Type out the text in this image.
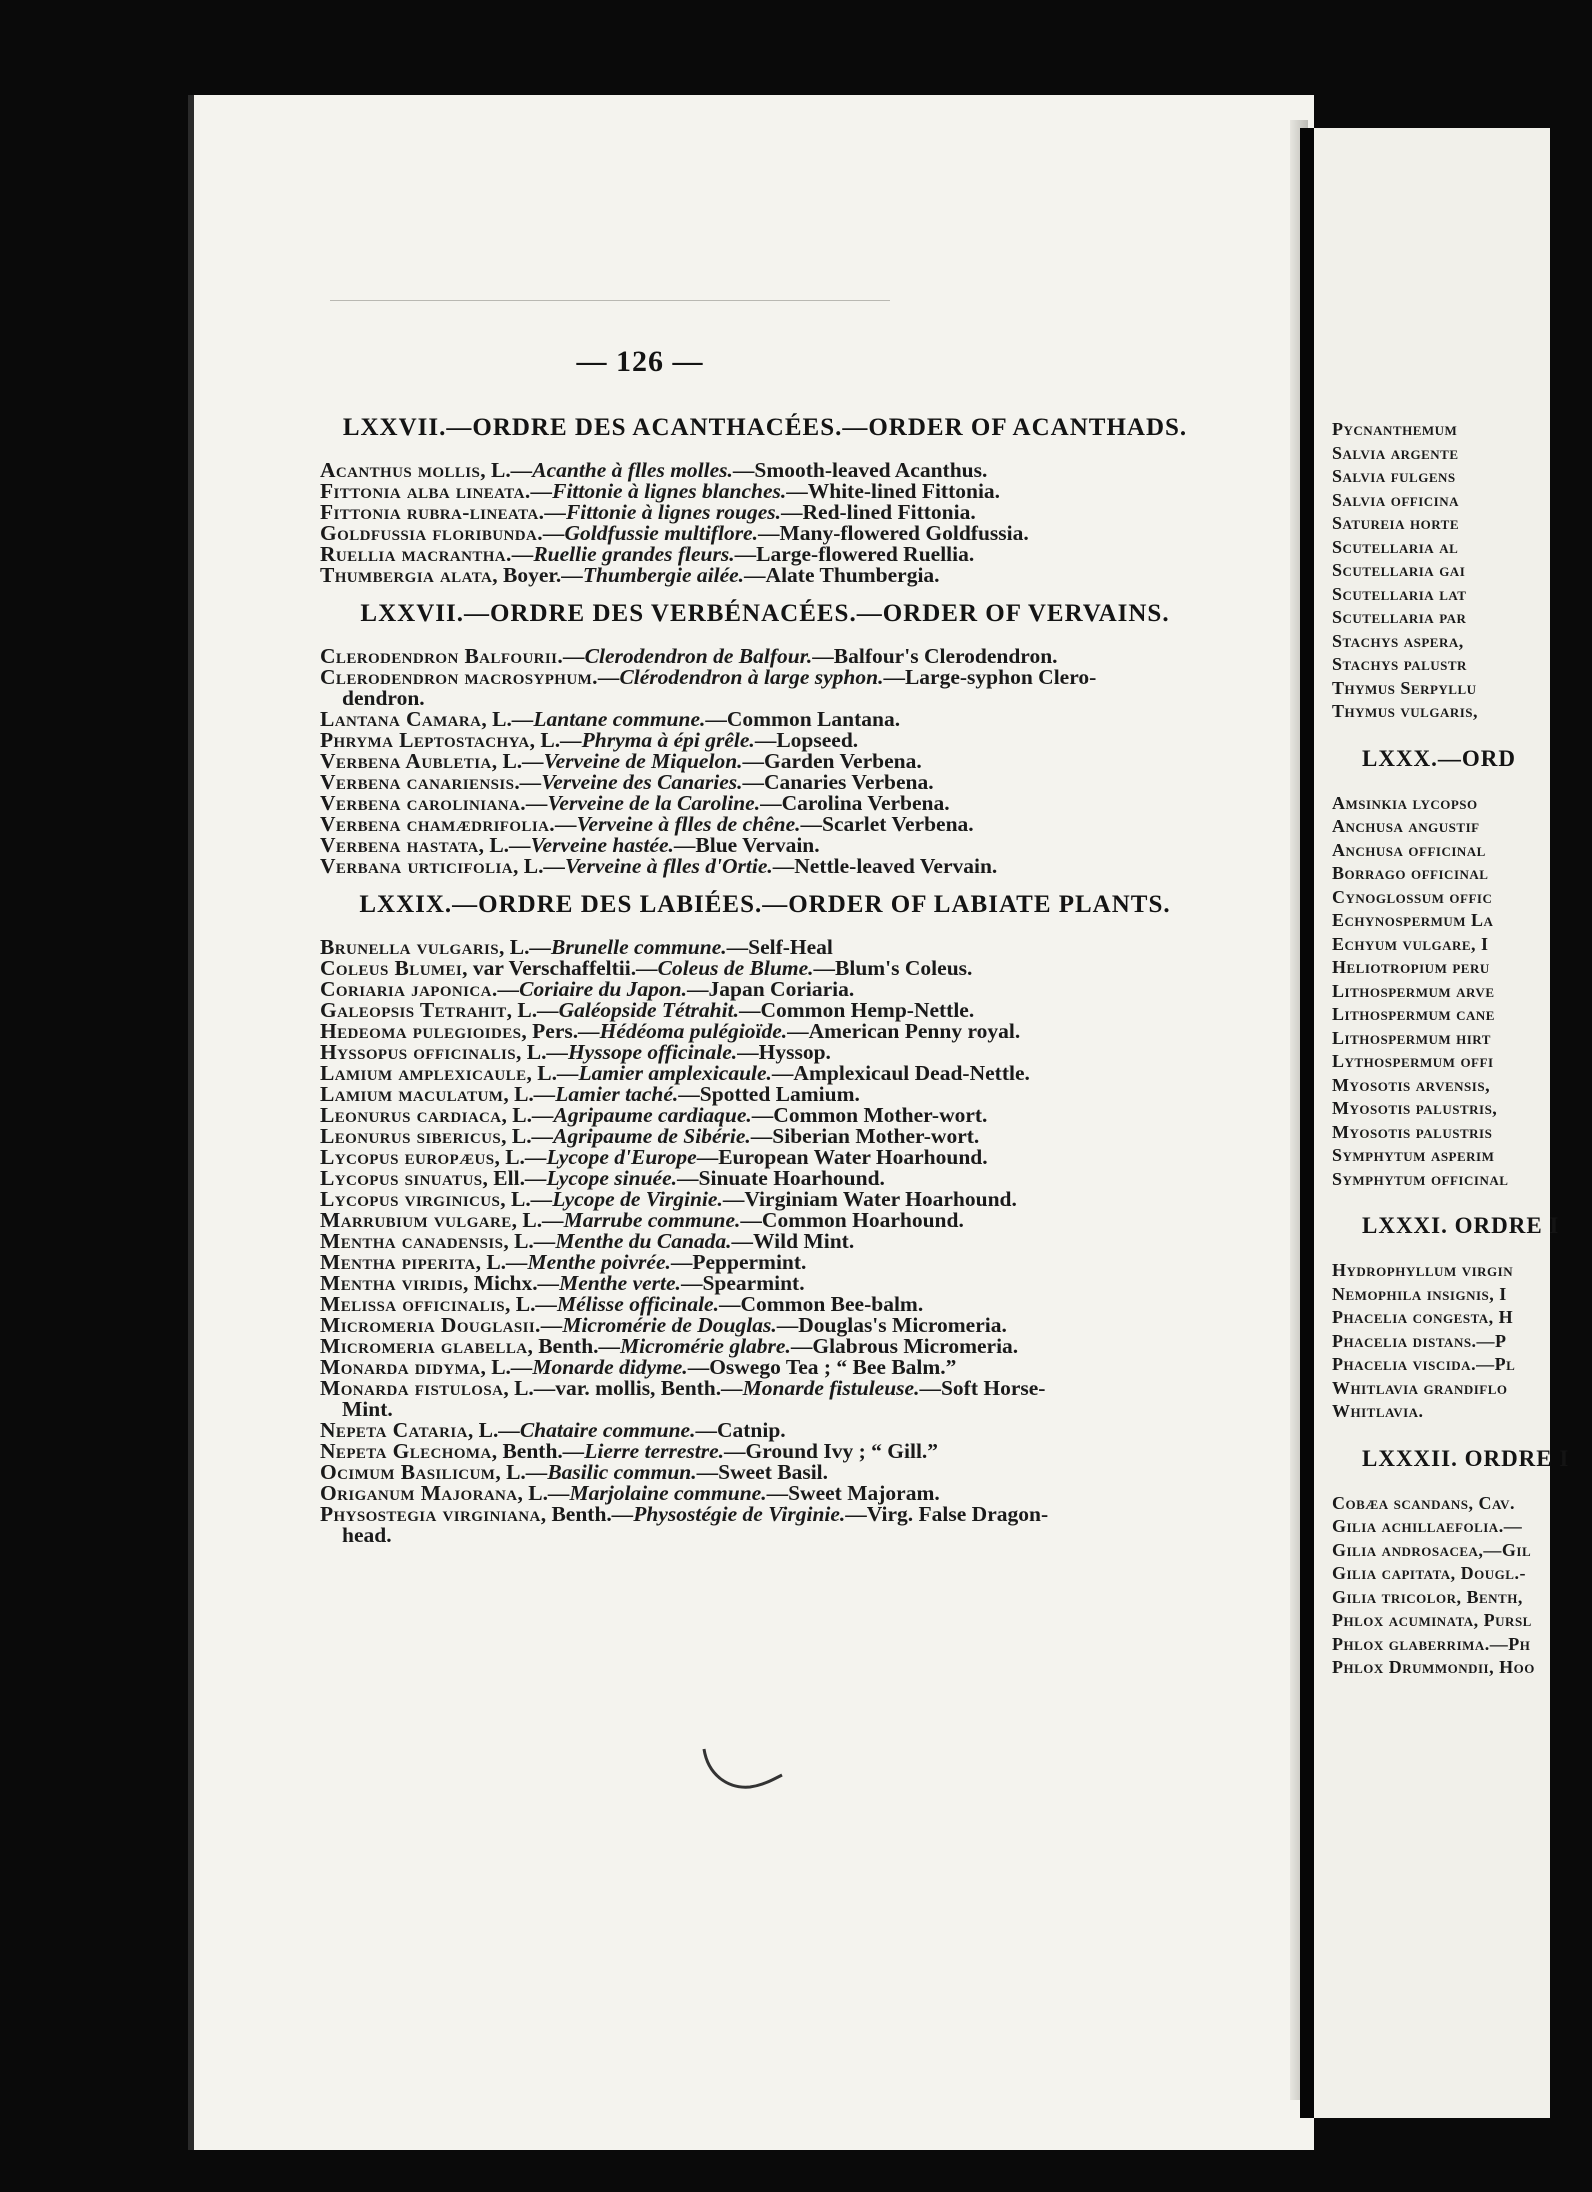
Pycnanthemum
Salvia argente
Salvia fulgens
Salvia officina
Satureia horte
Scutellaria al
Scutellaria gai
Scutellaria lat
Scutellaria par
Stachys aspera,
Stachys palustr
Thymus Serpyllu
Thymus vulgaris,
LXXX.—ORD
Amsinkia lycopso
Anchusa angustif
Anchusa officinal
Borrago officinal
Cynoglossum offic
Echynospermum La
Echyum vulgare, I
Heliotropium peru
Lithospermum arve
Lithospermum cane
Lithospermum hirt
Lythospermum offi
Myosotis arvensis,
Myosotis palustris,
Myosotis palustris
Symphytum asperim
Symphytum officinal
LXXXI. ORDRE I
Hydrophyllum virgin
Nemophila insignis, I
Phacelia congesta, H
Phacelia distans.—P
Phacelia viscida.—Pl
Whitlavia grandiflo
Whitlavia.
LXXXII. ORDRE I
Cobæa scandans, Cav.
Gilia achillaefolia.—
Gilia androsacea,—Gil
Gilia capitata, Dougl.-
Gilia tricolor, Benth,
Phlox acuminata, Pursl
Phlox glaberrima.—Ph
Phlox Drummondii, Hoo
— 126 —
LXXVII.—ORDRE DES ACANTHACÉES.—ORDER OF ACANTHADS.
Acanthus mollis, L.—Acanthe à flles molles.—Smooth-leaved Acanthus.
Fittonia alba lineata.—Fittonie à lignes blanches.—White-lined Fittonia.
Fittonia rubra-lineata.—Fittonie à lignes rouges.—Red-lined Fittonia.
Goldfussia floribunda.—Goldfussie multiflore.—Many-flowered Goldfussia.
Ruellia macrantha.—Ruellie grandes fleurs.—Large-flowered Ruellia.
Thumbergia alata, Boyer.—Thumbergie ailée.—Alate Thumbergia.
LXXVII.—ORDRE DES VERBÉNACÉES.—ORDER OF VERVAINS.
Clerodendron Balfourii.—Clerodendron de Balfour.—Balfour's Clerodendron.
Clerodendron macrosyphum.—Clérodendron à large syphon.—Large-syphon Clero-
dendron.
Lantana Camara, L.—Lantane commune.—Common Lantana.
Phryma Leptostachya, L.—Phryma à épi grêle.—Lopseed.
Verbena Aubletia, L.—Verveine de Miquelon.—Garden Verbena.
Verbena canariensis.—Verveine des Canaries.—Canaries Verbena.
Verbena caroliniana.—Verveine de la Caroline.—Carolina Verbena.
Verbena chamædrifolia.—Verveine à flles de chêne.—Scarlet Verbena.
Verbena hastata, L.—Verveine hastée.—Blue Vervain.
Verbana urticifolia, L.—Verveine à flles d'Ortie.—Nettle-leaved Vervain.
LXXIX.—ORDRE DES LABIÉES.—ORDER OF LABIATE PLANTS.
Brunella vulgaris, L.—Brunelle commune.—Self-Heal
Coleus Blumei, var Verschaffeltii.—Coleus de Blume.—Blum's Coleus.
Coriaria japonica.—Coriaire du Japon.—Japan Coriaria.
Galeopsis Tetrahit, L.—Galéopside Tétrahit.—Common Hemp-Nettle.
Hedeoma pulegioides, Pers.—Hédéoma pulégioïde.—American Penny royal.
Hyssopus officinalis, L.—Hyssope officinale.—Hyssop.
Lamium amplexicaule, L.—Lamier amplexicaule.—Amplexicaul Dead-Nettle.
Lamium maculatum, L.—Lamier taché.—Spotted Lamium.
Leonurus cardiaca, L.—Agripaume cardiaque.—Common Mother-wort.
Leonurus sibericus, L.—Agripaume de Sibérie.—Siberian Mother-wort.
Lycopus europæus, L.—Lycope d'Europe—European Water Hoarhound.
Lycopus sinuatus, Ell.—Lycope sinuée.—Sinuate Hoarhound.
Lycopus virginicus, L.—Lycope de Virginie.—Virginiam Water Hoarhound.
Marrubium vulgare, L.—Marrube commune.—Common Hoarhound.
Mentha canadensis, L.—Menthe du Canada.—Wild Mint.
Mentha piperita, L.—Menthe poivrée.—Peppermint.
Mentha viridis, Michx.—Menthe verte.—Spearmint.
Melissa officinalis, L.—Mélisse officinale.—Common Bee-balm.
Micromeria Douglasii.—Micromérie de Douglas.—Douglas's Micromeria.
Micromeria glabella, Benth.—Micromérie glabre.—Glabrous Micromeria.
Monarda didyma, L.—Monarde didyme.—Oswego Tea ; “ Bee Balm.”
Monarda fistulosa, L.—var. mollis, Benth.—Monarde fistuleuse.—Soft Horse-
Mint.
Nepeta Cataria, L.—Chataire commune.—Catnip.
Nepeta Glechoma, Benth.—Lierre terrestre.—Ground Ivy ; “ Gill.”
Ocimum Basilicum, L.—Basilic commun.—Sweet Basil.
Origanum Majorana, L.—Marjolaine commune.—Sweet Majoram.
Physostegia virginiana, Benth.—Physostégie de Virginie.—Virg. False Dragon-
head.
